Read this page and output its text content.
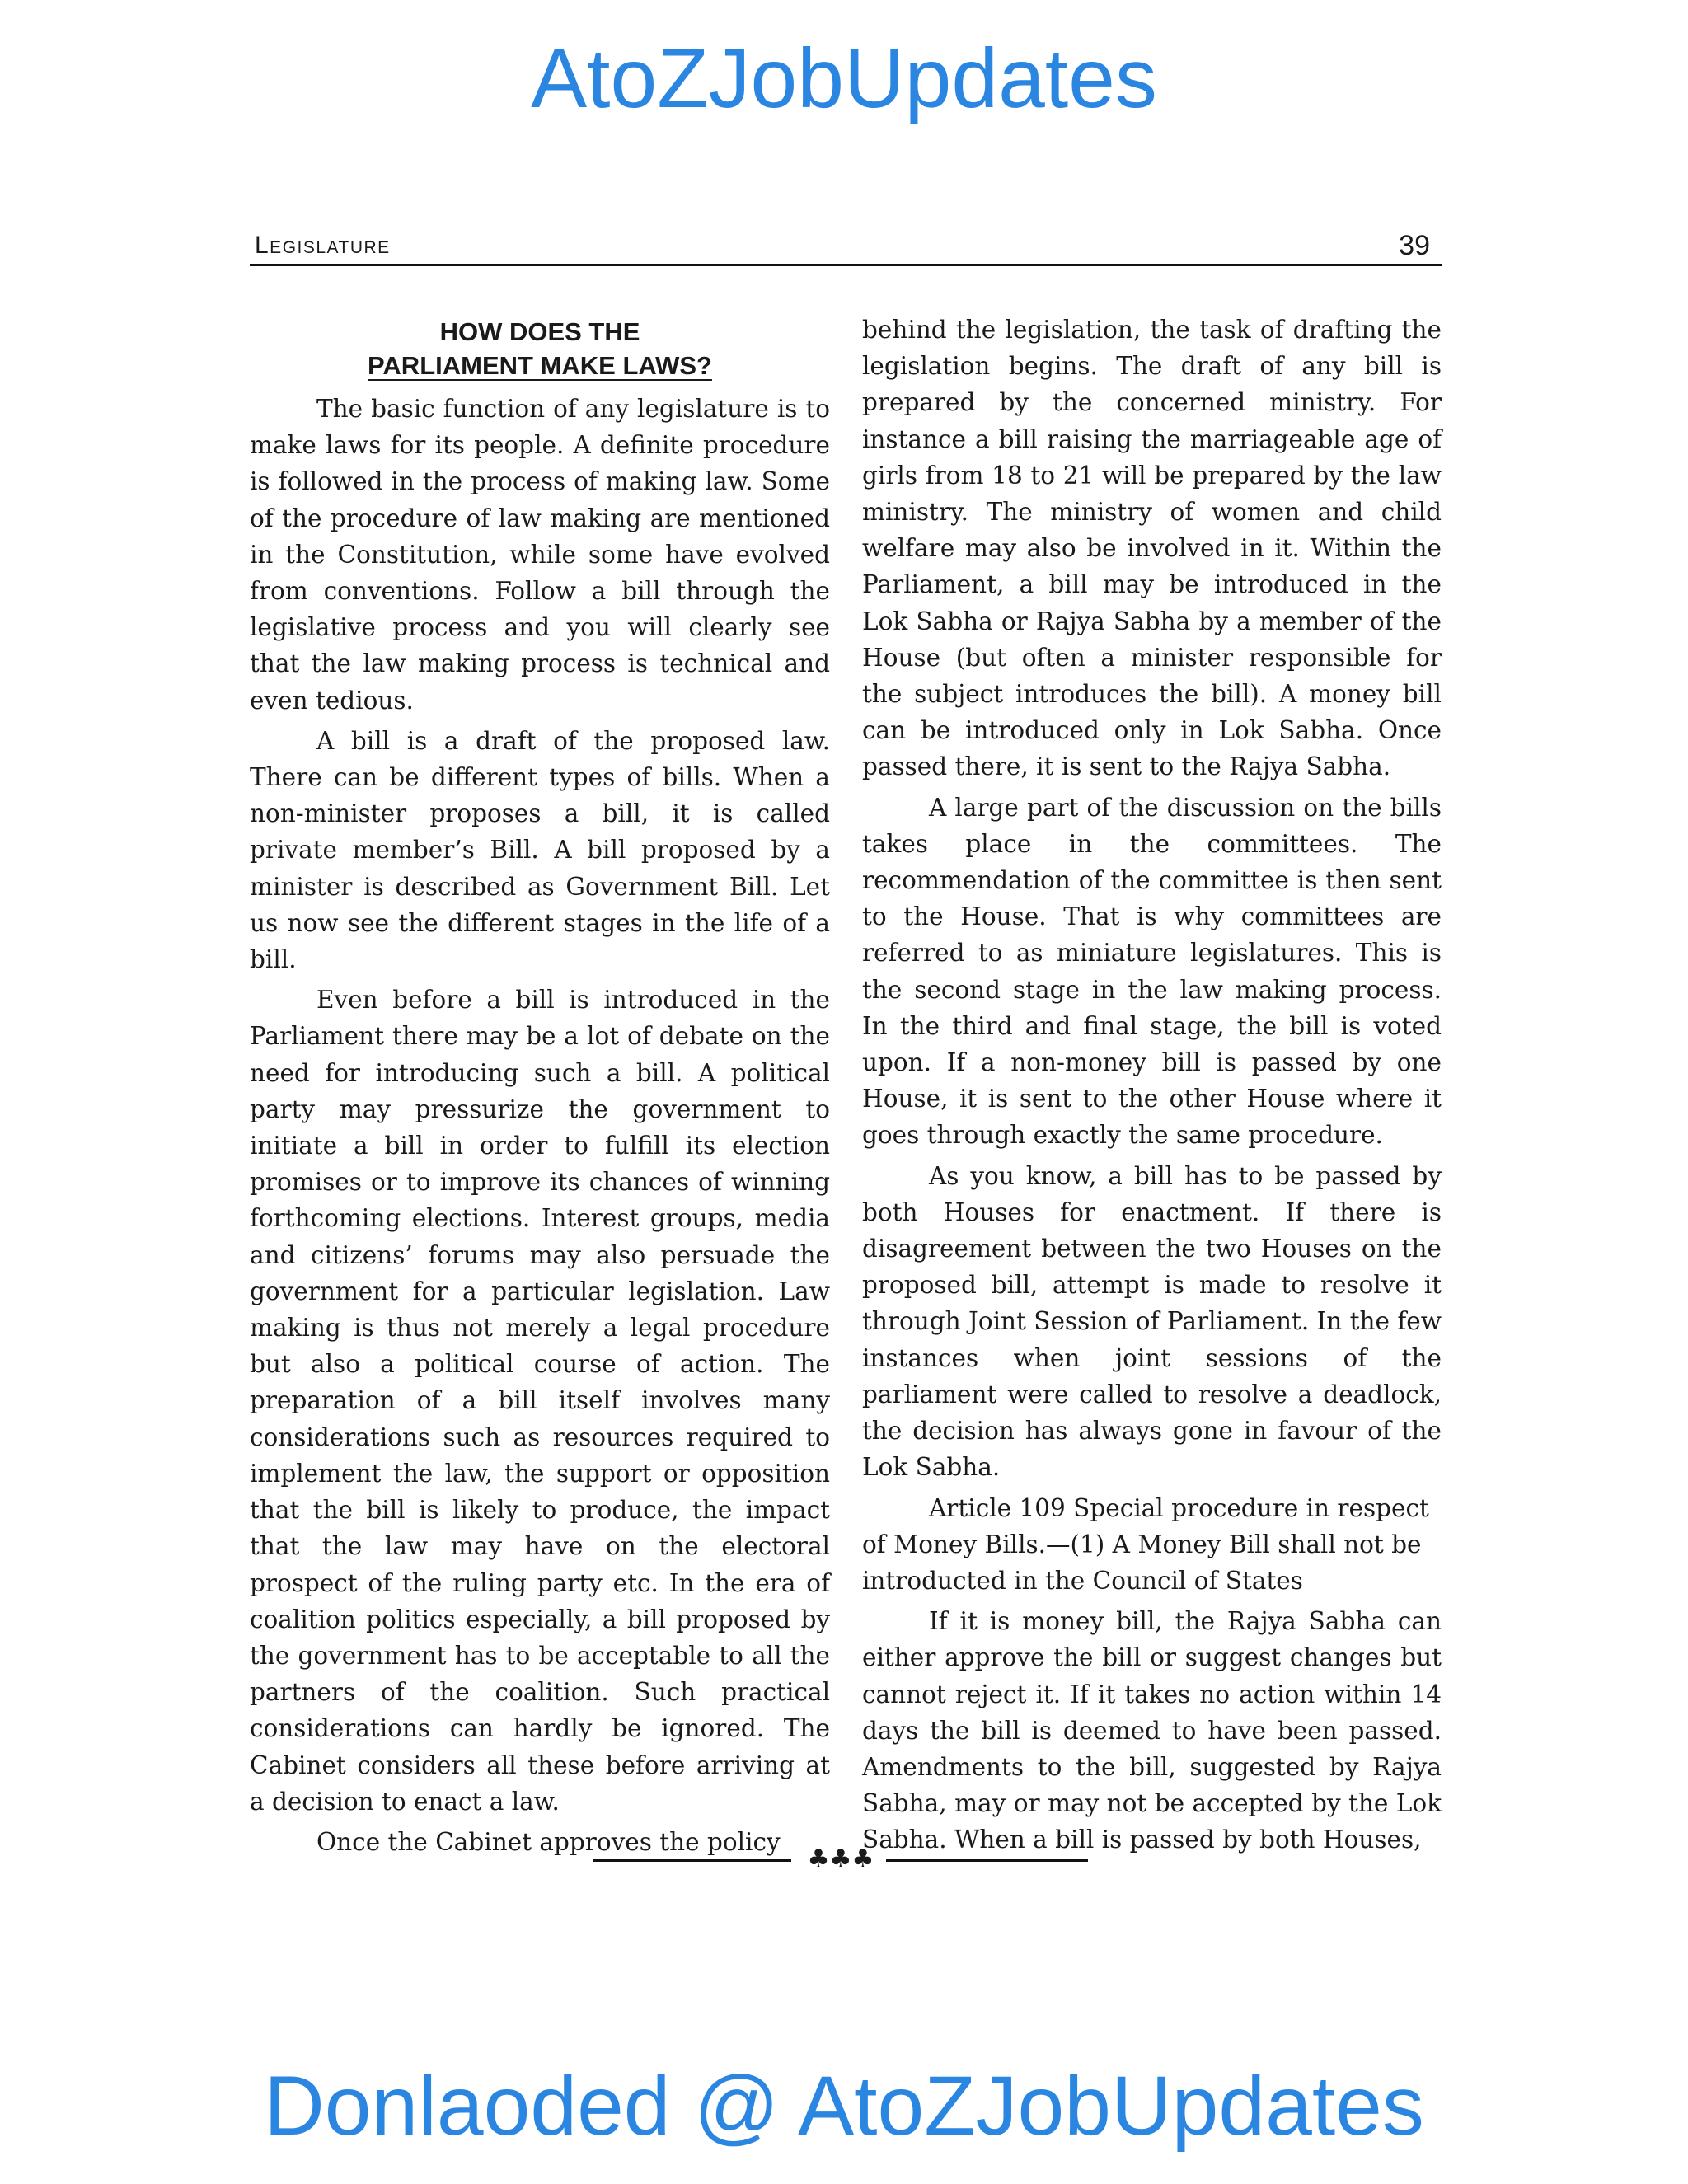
AtoZJobUpdates
Legislature	39
HOW DOES THE
PARLIAMENT MAKE LAWS?

The basic function of any legislature is to make laws for its people. A definite procedure is followed in the process of making law. Some of the procedure of law making are mentioned in the Constitution, while some have evolved from conventions. Follow a bill through the legislative process and you will clearly see that the law making process is technical and even tedious.

A bill is a draft of the proposed law. There can be different types of bills. When a non-minister proposes a bill, it is called private member’s Bill. A bill proposed by a minister is described as Government Bill. Let us now see the different stages in the life of a bill.

Even before a bill is introduced in the Parliament there may be a lot of debate on the need for introducing such a bill. A political party may pressurize the government to initiate a bill in order to fulfill its election promises or to improve its chances of winning forthcoming elections. Interest groups, media and citizens’ forums may also persuade the government for a particular legislation. Law making is thus not merely a legal procedure but also a political course of action. The preparation of a bill itself involves many considerations such as resources required to implement the law, the support or opposition that the bill is likely to produce, the impact that the law may have on the electoral prospect of the ruling party etc. In the era of coalition politics especially, a bill proposed by the government has to be acceptable to all the partners of the coalition. Such practical considerations can hardly be ignored. The Cabinet considers all these before arriving at a decision to enact a law.

Once the Cabinet approves the policy

behind the legislation, the task of drafting the legislation begins. The draft of any bill is prepared by the concerned ministry. For instance a bill raising the marriageable age of girls from 18 to 21 will be prepared by the law ministry. The ministry of women and child welfare may also be involved in it. Within the Parliament, a bill may be introduced in the Lok Sabha or Rajya Sabha by a member of the House (but often a minister responsible for the subject introduces the bill). A money bill can be introduced only in Lok Sabha. Once passed there, it is sent to the Rajya Sabha.

A large part of the discussion on the bills takes place in the committees. The recommendation of the committee is then sent to the House. That is why committees are referred to as miniature legislatures. This is the second stage in the law making process. In the third and final stage, the bill is voted upon. If a non-money bill is passed by one House, it is sent to the other House where it goes through exactly the same procedure.

As you know, a bill has to be passed by both Houses for enactment. If there is disagreement between the two Houses on the proposed bill, attempt is made to resolve it through Joint Session of Parliament. In the few instances when joint sessions of the parliament were called to resolve a deadlock, the decision has always gone in favour of the Lok Sabha.

Article 109 Special procedure in respect of Money Bills.—(1) A Money Bill shall not be introducted in the Council of States

If it is money bill, the Rajya Sabha can either approve the bill or suggest changes but cannot reject it. If it takes no action within 14 days the bill is deemed to have been passed. Amendments to the bill, suggested by Rajya Sabha, may or may not be accepted by the Lok Sabha. When a bill is passed by both Houses,

♣♣♣
Donlaoded @ AtoZJobUpdates
